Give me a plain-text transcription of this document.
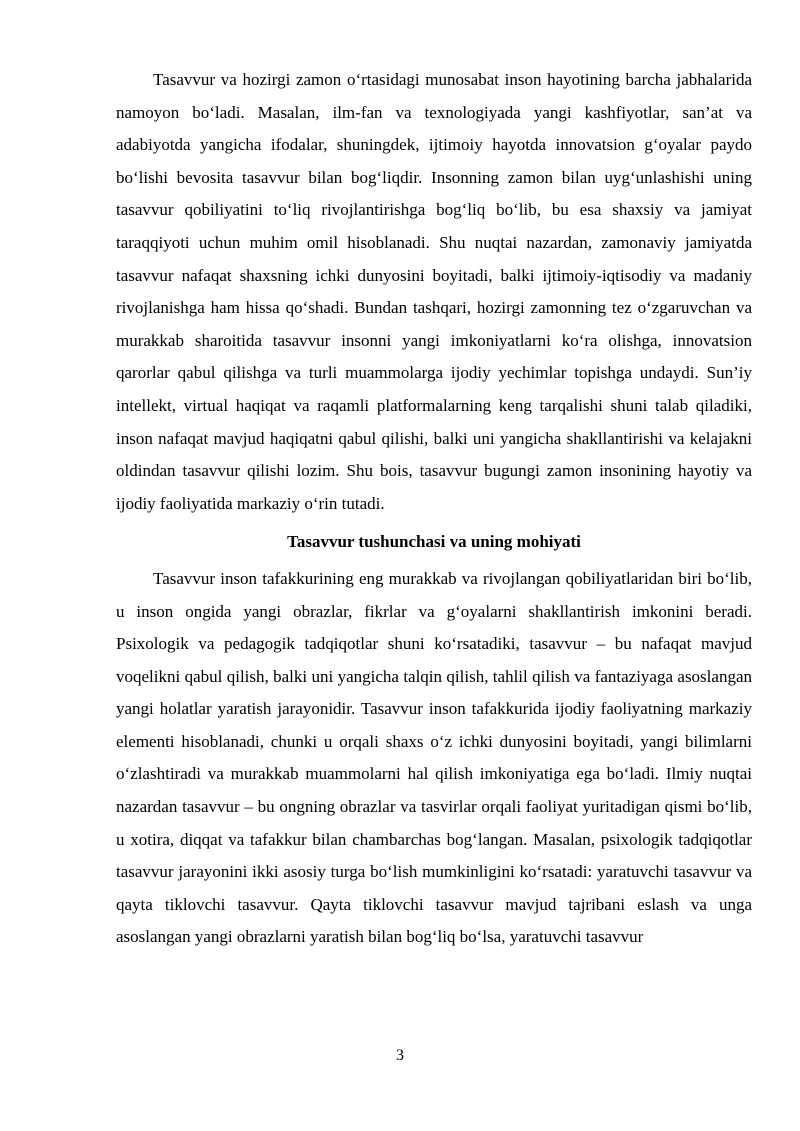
Tasavvur va hozirgi zamon o‘rtasidagi munosabat inson hayotining barcha jabhalarida namoyon bo‘ladi. Masalan, ilm-fan va texnologiyada yangi kashfiyotlar, san’at va adabiyotda yangicha ifodalar, shuningdek, ijtimoiy hayotda innovatsion g‘oyalar paydo bo‘lishi bevosita tasavvur bilan bog‘liqdir. Insonning zamon bilan uyg‘unlashishi uning tasavvur qobiliyatini to‘liq rivojlantirishga bog‘liq bo‘lib, bu esa shaxsiy va jamiyat taraqqiyoti uchun muhim omil hisoblanadi. Shu nuqtai nazardan, zamonaviy jamiyatda tasavvur nafaqat shaxsning ichki dunyosini boyitadi, balki ijtimoiy-iqtisodiy va madaniy rivojlanishga ham hissa qo‘shadi. Bundan tashqari, hozirgi zamonning tez o‘zgaruvchan va murakkab sharoitida tasavvur insonni yangi imkoniyatlarni ko‘ra olishga, innovatsion qarorlar qabul qilishga va turli muammolarga ijodiy yechimlar topishga undaydi. Sun’iy intellekt, virtual haqiqat va raqamli platformalarning keng tarqalishi shuni talab qiladiki, inson nafaqat mavjud haqiqatni qabul qilishi, balki uni yangicha shakllantirishi va kelajakni oldindan tasavvur qilishi lozim. Shu bois, tasavvur bugungi zamon insonining hayotiy va ijodiy faoliyatida markaziy o‘rin tutadi.

Tasavvur tushunchasi va uning mohiyati

Tasavvur inson tafakkurining eng murakkab va rivojlangan qobiliyatlaridan biri bo‘lib, u inson ongida yangi obrazlar, fikrlar va g‘oyalarni shakllantirish imkonini beradi. Psixologik va pedagogik tadqiqotlar shuni ko‘rsatadiki, tasavvur – bu nafaqat mavjud voqelikni qabul qilish, balki uni yangicha talqin qilish, tahlil qilish va fantaziyaga asoslangan yangi holatlar yaratish jarayonidir. Tasavvur inson tafakkurida ijodiy faoliyatning markaziy elementi hisoblanadi, chunki u orqali shaxs o‘z ichki dunyosini boyitadi, yangi bilimlarni o‘zlashtiradi va murakkab muammolarni hal qilish imkoniyatiga ega bo‘ladi. Ilmiy nuqtai nazardan tasavvur – bu ongning obrazlar va tasvirlar orqali faoliyat yuritadigan qismi bo‘lib, u xotira, diqqat va tafakkur bilan chambarchas bog‘langan. Masalan, psixologik tadqiqotlar tasavvur jarayonini ikki asosiy turga bo‘lish mumkinligini ko‘rsatadi: yaratuvchi tasavvur va qayta tiklovchi tasavvur. Qayta tiklovchi tasavvur mavjud tajribani eslash va unga asoslangan yangi obrazlarni yaratish bilan bog‘liq bo‘lsa, yaratuvchi tasavvur

3
